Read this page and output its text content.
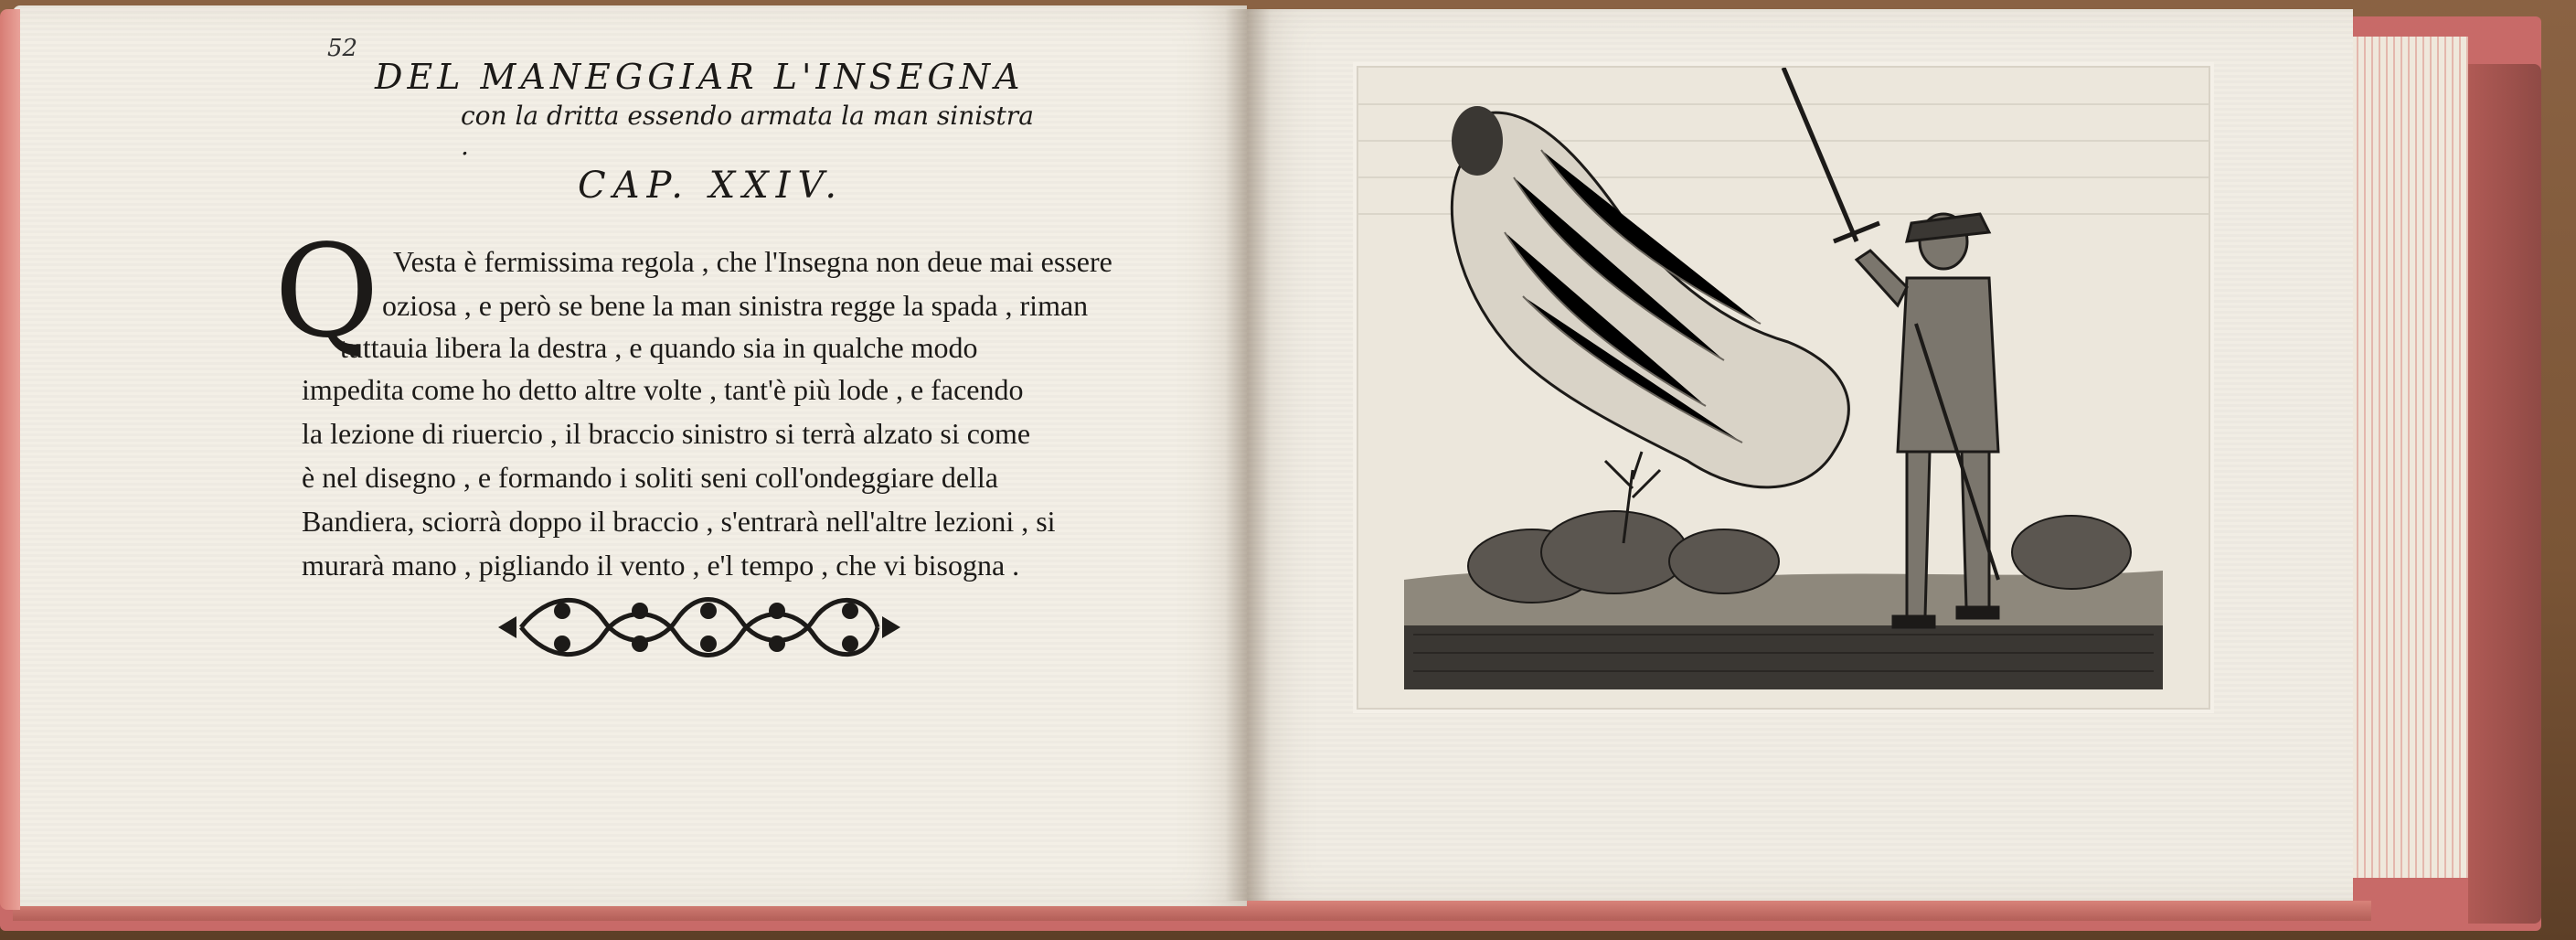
52
DEL MANEGGIAR L'INSEGNA
con la dritta essendo armata la man sinistra .
CAP. XXIV.
Q Vesta è fermissima regola , che l'Insegna non deue mai essere
oziosa , e però se bene la man sinistra regge la spada , riman
tuttauia libera la destra , e quando sia in qualche modo
impedita come ho detto altre volte , tant'è più lode , e facendo
la lezione di riuercio , il braccio sinistro si terrà alzato si come
è nel disegno , e formando i soliti seni coll'ondeggiare della
Bandiera, sciorrà doppo il braccio , s'entrarà nell'altre lezioni , si
murarà mano , pigliando il vento , e'l tempo , che vi bisogna .
